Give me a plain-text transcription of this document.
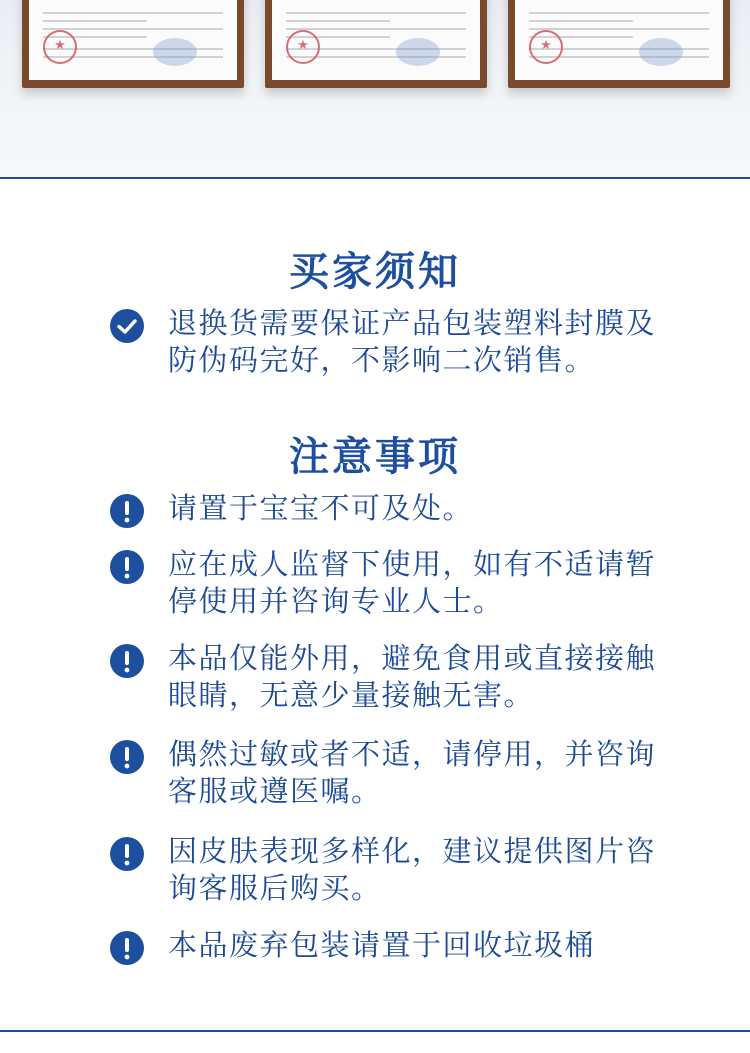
★
★
★
买家须知
退换货需要保证产品包装塑料封膜及防伪码完好，不影响二次销售。
注意事项
请置于宝宝不可及处。
应在成人监督下使用，如有不适请暂停使用并咨询专业人士。
本品仅能外用，避免食用或直接接触眼睛，无意少量接触无害。
偶然过敏或者不适，请停用，并咨询客服或遵医嘱。
因皮肤表现多样化，建议提供图片咨询客服后购买。
本品废弃包装请置于回收垃圾桶
